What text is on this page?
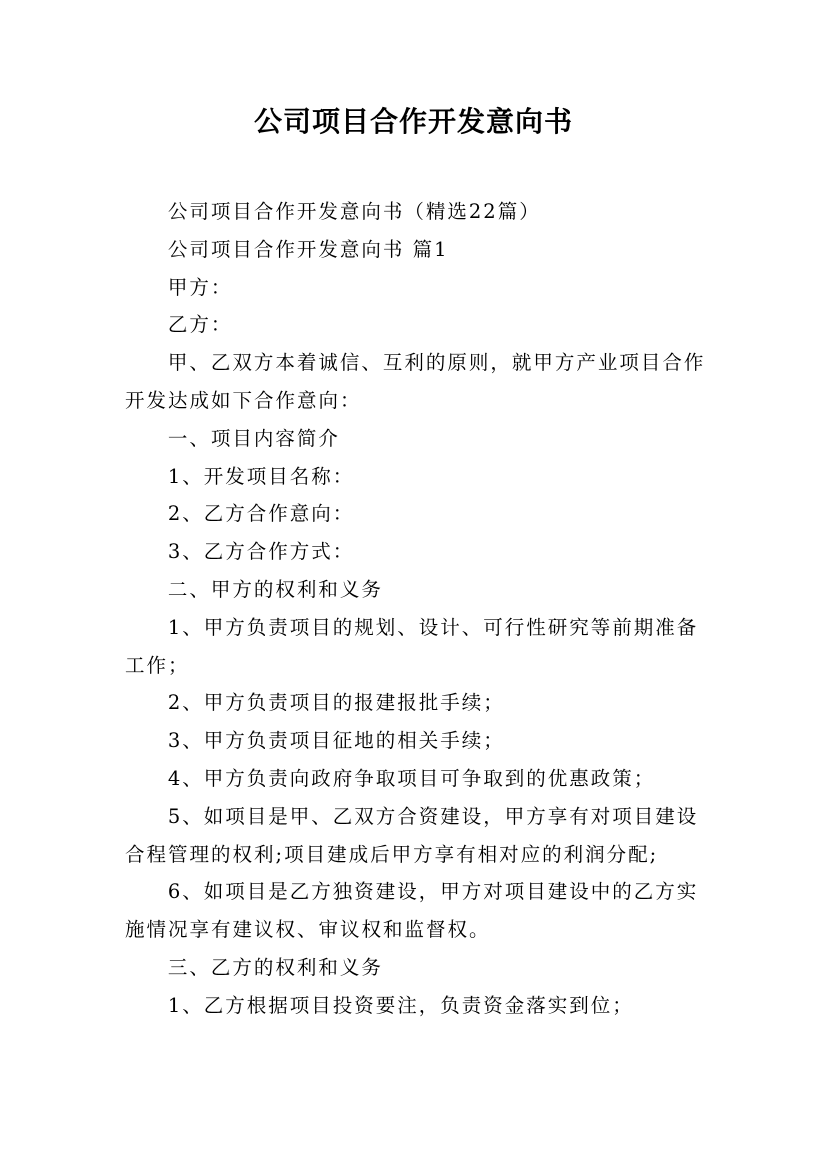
公司项目合作开发意向书

公司项目合作开发意向书（精选22篇）

公司项目合作开发意向书 篇1

甲方：

乙方：

甲、乙双方本着诚信、互利的原则，就甲方产业项目合作开发达成如下合作意向：

一、项目内容简介

1、开发项目名称：

2、乙方合作意向：

3、乙方合作方式：

二、甲方的权利和义务

1、甲方负责项目的规划、设计、可行性研究等前期准备工作；

2、甲方负责项目的报建报批手续；

3、甲方负责项目征地的相关手续；

4、甲方负责向政府争取项目可争取到的优惠政策；

5、如项目是甲、乙双方合资建设，甲方享有对项目建设合程管理的权利;项目建成后甲方享有相对应的利润分配;

6、如项目是乙方独资建设，甲方对项目建设中的乙方实施情况享有建议权、审议权和监督权。

三、乙方的权利和义务

1、乙方根据项目投资要注，负责资金落实到位；
